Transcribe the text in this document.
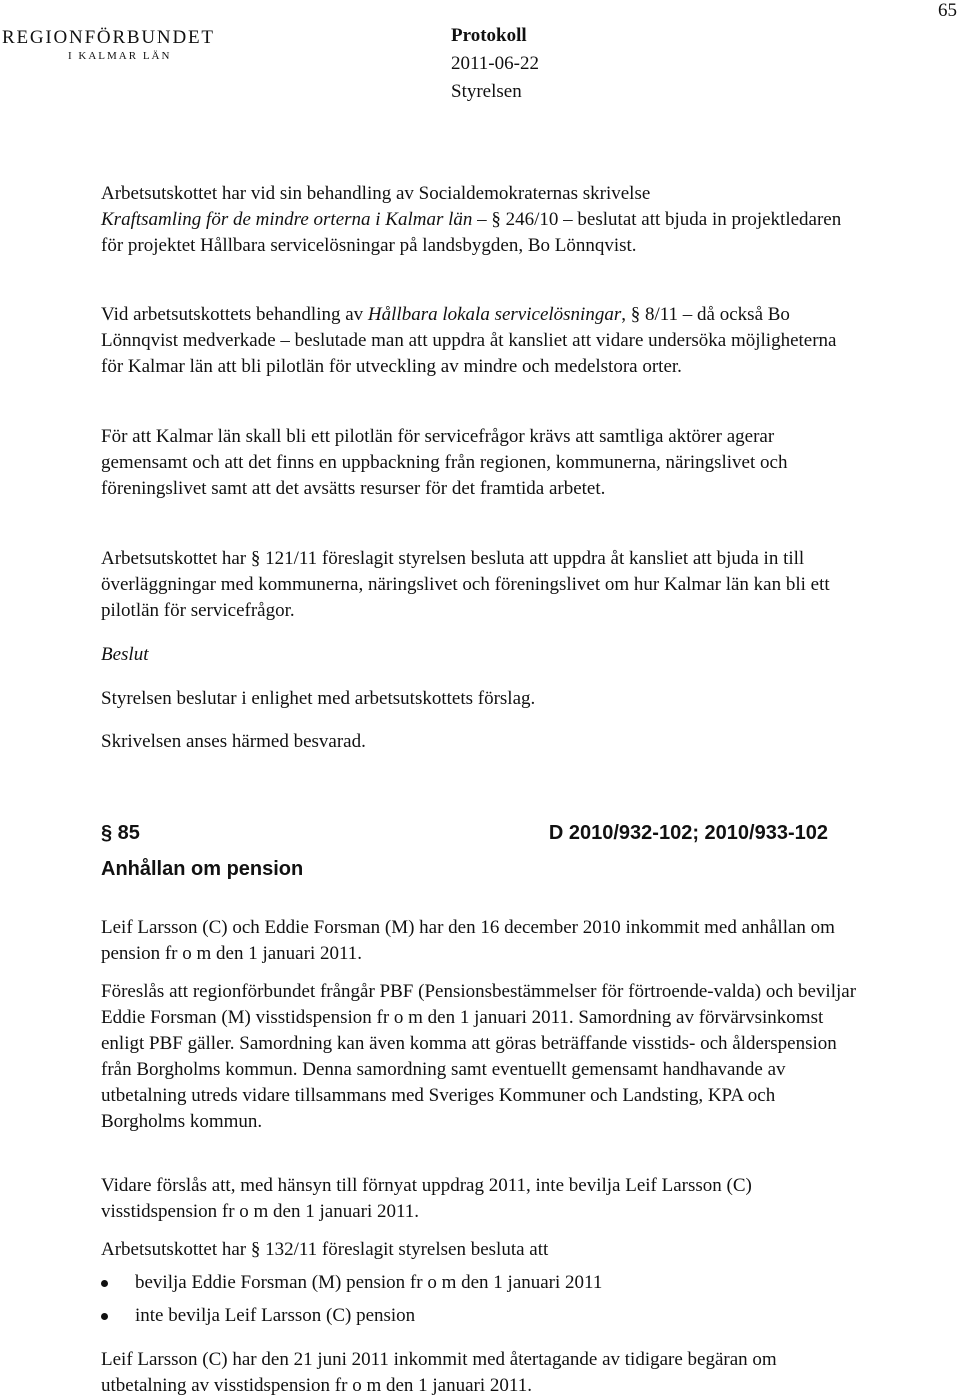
REGIONFÖRBUNDET
I KALMAR LÄN
Protokoll
2011-06-22
Styrelsen
65

Arbetsutskottet har vid sin behandling av Socialdemokraternas skrivelse
Kraftsamling för de mindre orterna i Kalmar län – § 246/10 – beslutat att bjuda in projektledaren för projektet Hållbara servicelösningar på landsbygden, Bo Lönnqvist.

Vid arbetsutskottets behandling av Hållbara lokala servicelösningar, § 8/11 – då också Bo Lönnqvist medverkade – beslutade man att uppdra åt kansliet att vidare undersöka möjligheterna för Kalmar län att bli pilotlän för utveckling av mindre och medelstora orter.

För att Kalmar län skall bli ett pilotlän för servicefrågor krävs att samtliga aktörer agerar gemensamt och att det finns en uppbackning från regionen, kommunerna, näringslivet och föreningslivet samt att det avsätts resurser för det framtida arbetet.

Arbetsutskottet har § 121/11 föreslagit styrelsen besluta att uppdra åt kansliet att bjuda in till överläggningar med kommunerna, näringslivet och föreningslivet om hur Kalmar län kan bli ett pilotlän för servicefrågor.

Beslut

Styrelsen beslutar i enlighet med arbetsutskottets förslag.

Skrivelsen anses härmed besvarad.

§ 85	D 2010/932-102; 2010/933-102
Anhållan om pension

Leif Larsson (C) och Eddie Forsman (M) har den 16 december 2010 inkommit med anhållan om pension fr o m den 1 januari 2011.

Föreslås att regionförbundet frångår PBF (Pensionsbestämmelser för förtroende-valda) och beviljar Eddie Forsman (M) visstidspension fr o m den 1 januari 2011. Samordning av förvärvsinkomst enligt PBF gäller. Samordning kan även komma att göras beträffande visstids- och ålderspension från Borgholms kommun. Denna samordning samt eventuellt gemensamt handhavande av utbetalning utreds vidare tillsammans med Sveriges Kommuner och Landsting, KPA och Borgholms kommun.

Vidare förslås att, med hänsyn till förnyat uppdrag 2011, inte bevilja Leif Larsson (C) visstidspension fr o m den 1 januari 2011.

Arbetsutskottet har § 132/11 föreslagit styrelsen besluta att

bevilja Eddie Forsman (M) pension fr o m den 1 januari 2011
inte bevilja Leif Larsson (C) pension

Leif Larsson (C) har den 21 juni 2011 inkommit med återtagande av tidigare begäran om utbetalning av visstidspension fr o m den 1 januari 2011.
